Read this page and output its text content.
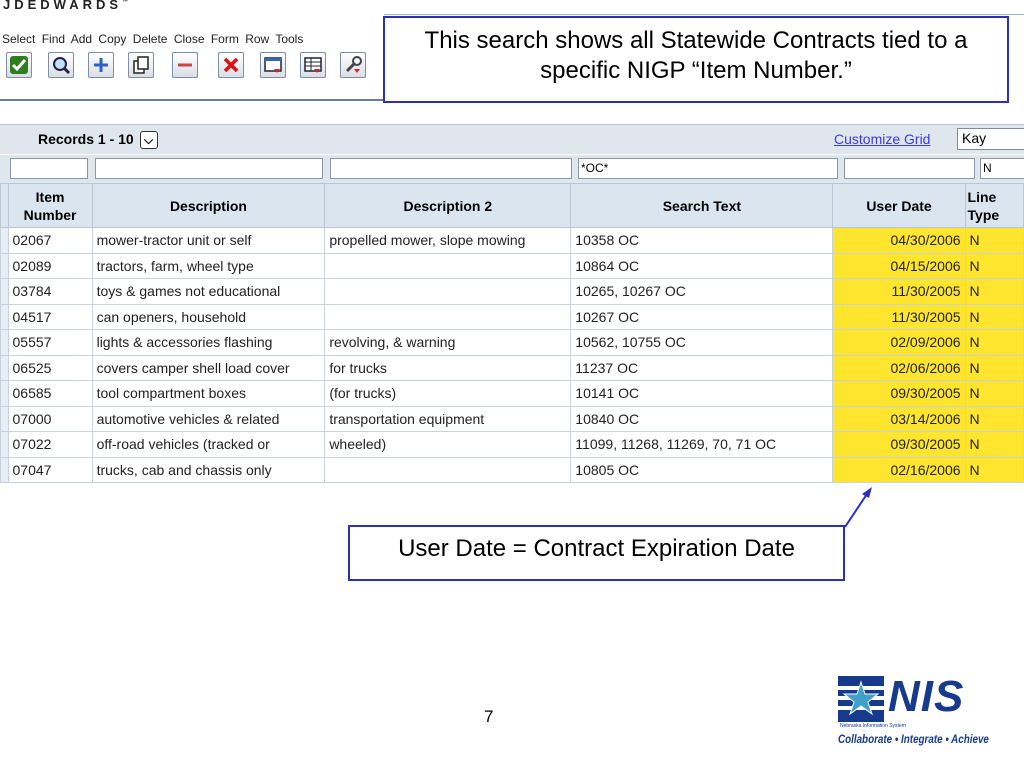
JDEDWARDS™
Select Find Add Copy Delete Close Form Row Tools	This search shows all Statewide Contracts tied to a specific NIGP “Item Number.”
Records 1 - 10 ⌵	Customize Grid	Kay
*OC*	N
	Item Number	Description	Description 2	Search Text	User Date	Line Type
	02067	mower-tractor unit or self	propelled mower, slope mowing	10358 OC	04/30/2006	N
	02089	tractors, farm, wheel type		10864 OC	04/15/2006	N
	03784	toys & games not educational		10265, 10267 OC	11/30/2005	N
	04517	can openers, household		10267 OC	11/30/2005	N
	05557	lights & accessories flashing	revolving, & warning	10562, 10755 OC	02/09/2006	N
	06525	covers camper shell load cover	for trucks	11237 OC	02/06/2006	N
	06585	tool compartment boxes	(for trucks)	10141 OC	09/30/2005	N
	07000	automotive vehicles & related	transportation equipment	10840 OC	03/14/2006	N
	07022	off-road vehicles (tracked or	wheeled)	11099, 11268, 11269, 70, 71 OC	09/30/2005	N
	07047	trucks, cab and chassis only		10805 OC	02/16/2006	N
User Date = Contract Expiration Date
7	NIS
Nebraska Information System
Collaborate • Integrate • Achieve
